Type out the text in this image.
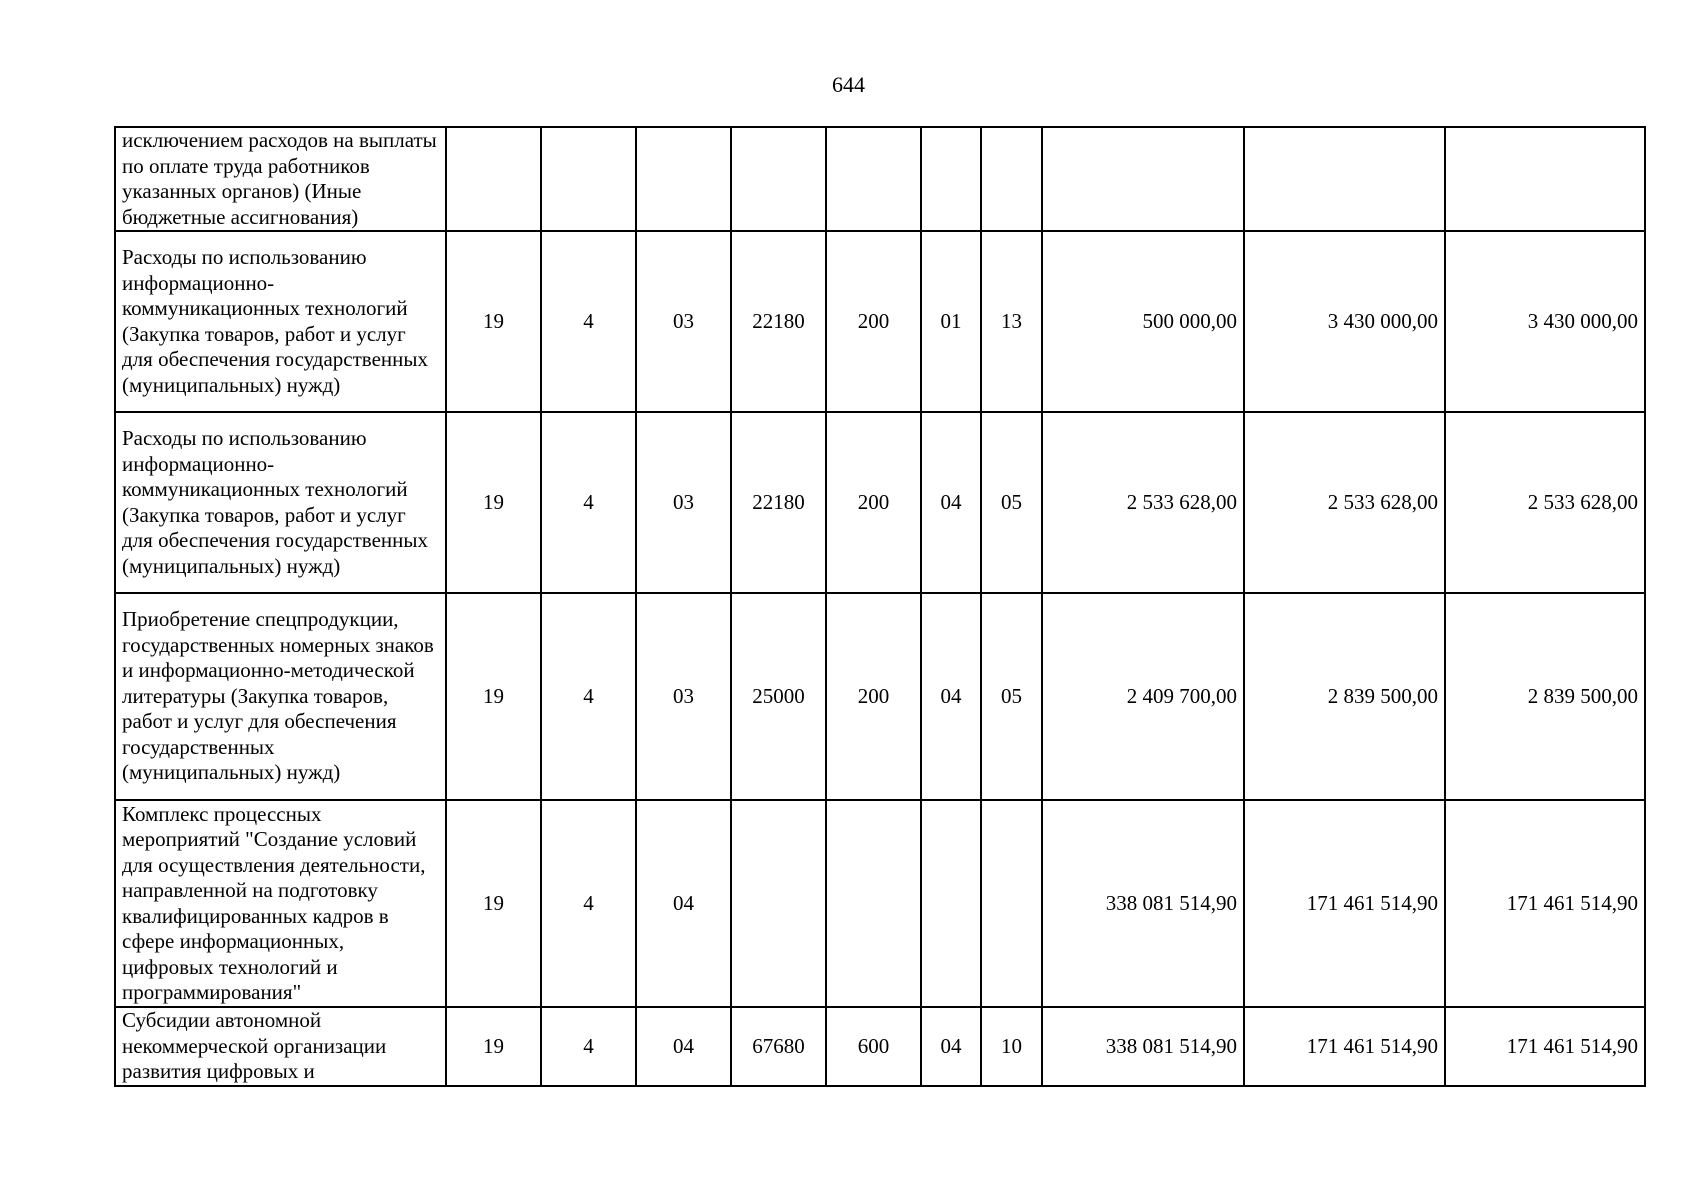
644
исключением расходов на выплаты по оплате труда работников указанных органов) (Иные бюджетные ассигнования)										
Расходы по использованию информационно-коммуникационных технологий (Закупка товаров, работ и услуг для обеспечения государственных (муниципальных) нужд)	19	4	03	22180	200	01	13	500 000,00	3 430 000,00	3 430 000,00
Расходы по использованию информационно-коммуникационных технологий (Закупка товаров, работ и услуг для обеспечения государственных (муниципальных) нужд)	19	4	03	22180	200	04	05	2 533 628,00	2 533 628,00	2 533 628,00
Приобретение спецпродукции, государственных номерных знаков и информационно-методической литературы (Закупка товаров, работ и услуг для обеспечения государственных (муниципальных) нужд)	19	4	03	25000	200	04	05	2 409 700,00	2 839 500,00	2 839 500,00
Комплекс процессных мероприятий "Создание условий для осуществления деятельности, направленной на подготовку квалифицированных кадров в сфере информационных, цифровых технологий и программирования"	19	4	04					338 081 514,90	171 461 514,90	171 461 514,90
Субсидии автономной некоммерческой организации развития цифровых и	19	4	04	67680	600	04	10	338 081 514,90	171 461 514,90	171 461 514,90
